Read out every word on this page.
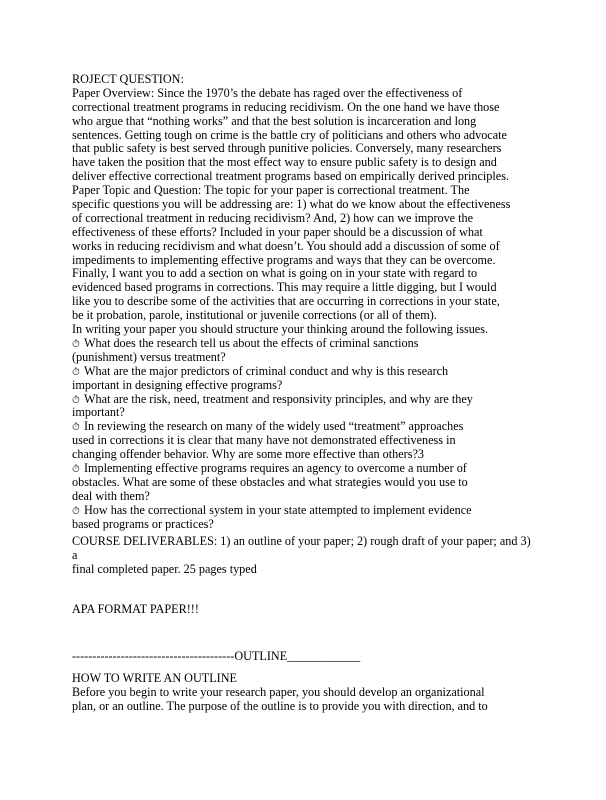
ROJECT QUESTION:
Paper Overview: Since the 1970’s the debate has raged over the effectiveness of
correctional treatment programs in reducing recidivism. On the one hand we have those
who argue that “nothing works” and that the best solution is incarceration and long
sentences. Getting tough on crime is the battle cry of politicians and others who advocate
that public safety is best served through punitive policies. Conversely, many researchers
have taken the position that the most effect way to ensure public safety is to design and
deliver effective correctional treatment programs based on empirically derived principles.
Paper Topic and Question: The topic for your paper is correctional treatment. The
specific questions you will be addressing are: 1) what do we know about the effectiveness
of correctional treatment in reducing recidivism? And, 2) how can we improve the
effectiveness of these efforts? Included in your paper should be a discussion of what
works in reducing recidivism and what doesn’t. You should add a discussion of some of
impediments to implementing effective programs and ways that they can be overcome.
Finally, I want you to add a section on what is going on in your state with regard to
evidenced based programs in corrections. This may require a little digging, but I would
like you to describe some of the activities that are occurring in corrections in your state,
be it probation, parole, institutional or juvenile corrections (or all of them).
In writing your paper you should structure your thinking around the following issues.
⏱ What does the research tell us about the effects of criminal sanctions
(punishment) versus treatment?
⏱ What are the major predictors of criminal conduct and why is this research
important in designing effective programs?
⏱ What are the risk, need, treatment and responsivity principles, and why are they
important?
⏱ In reviewing the research on many of the widely used “treatment” approaches
used in corrections it is clear that many have not demonstrated effectiveness in
changing offender behavior. Why are some more effective than others?3
⏱ Implementing effective programs requires an agency to overcome a number of
obstacles. What are some of these obstacles and what strategies would you use to
deal with them?
⏱ How has the correctional system in your state attempted to implement evidence
based programs or practices?
COURSE DELIVERABLES: 1) an outline of your paper; 2) rough draft of your paper; and 3)
a
final completed paper. 25 pages typed
APA FORMAT PAPER!!!
----------------------------------------OUTLINE____________
HOW TO WRITE AN OUTLINE
Before you begin to write your research paper, you should develop an organizational
plan, or an outline. The purpose of the outline is to provide you with direction, and to
